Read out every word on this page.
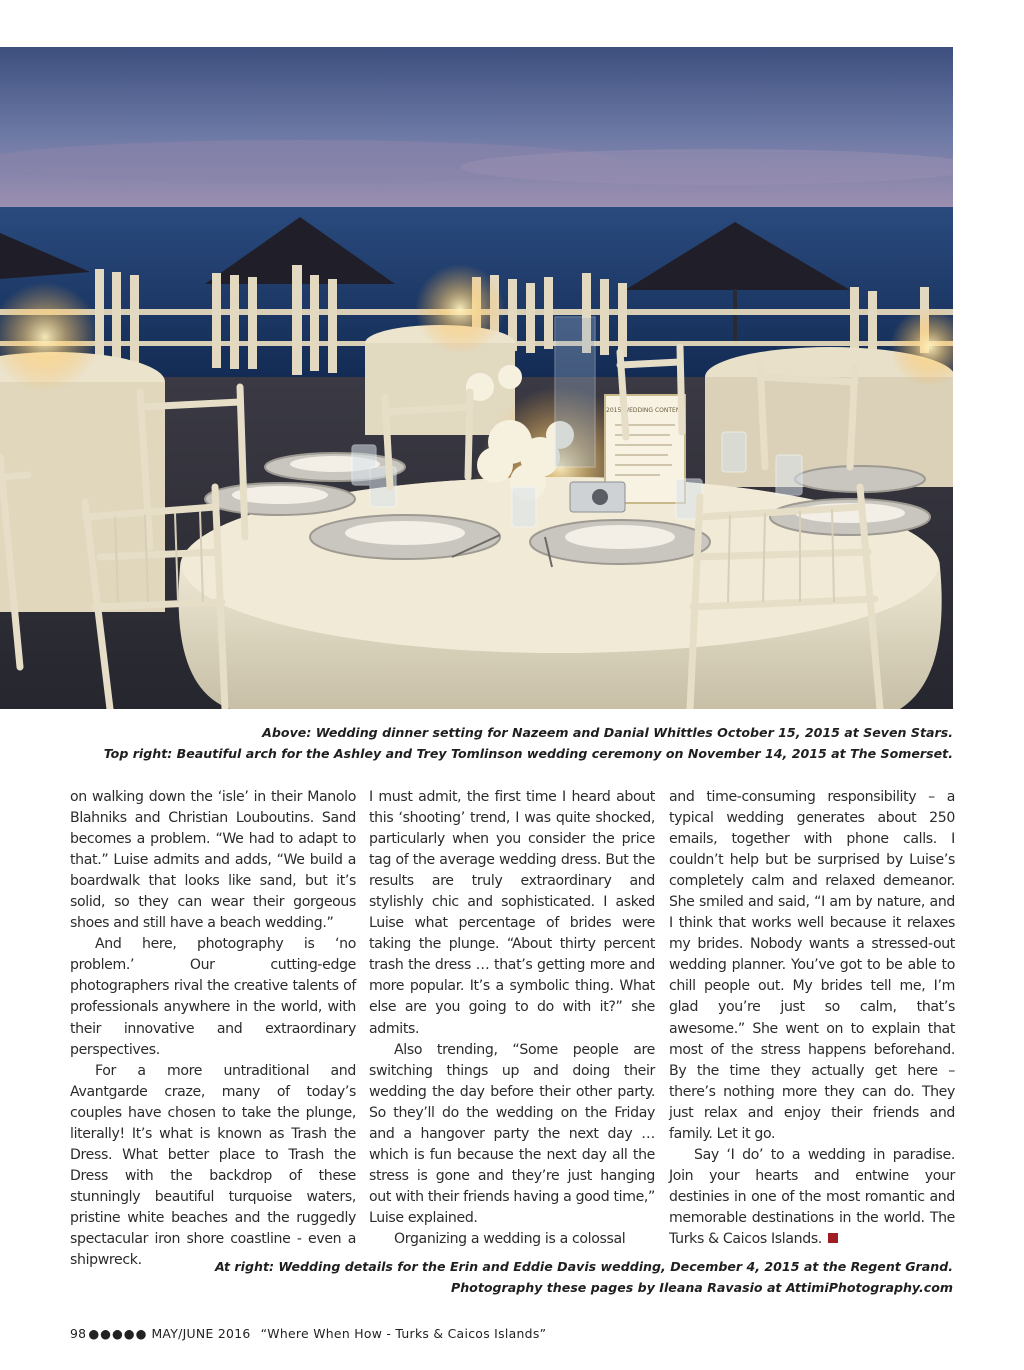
2015 WEDDING CONTENT
Above: Wedding dinner setting for Nazeem and Danial Whittles October 15, 2015 at Seven Stars.
Top right: Beautiful arch for the Ashley and Trey Tomlinson wedding ceremony on November 14, 2015 at The Somerset.

on walking down the ‘isle’ in their Manolo Blahniks and Christian Louboutins. Sand becomes a problem. “We had to adapt to that.” Luise admits and adds, “We build a boardwalk that looks like sand, but it’s solid, so they can wear their gorgeous shoes and still have a beach wedding.”

And here, photography is ‘no problem.’ Our cutting-edge photographers rival the creative talents of professionals anywhere in the world, with their innovative and extraordinary perspectives.

For a more untraditional and Avantgarde craze, many of today’s couples have chosen to take the plunge, literally! It’s what is known as Trash the Dress. What better place to Trash the Dress with the backdrop of these stunningly beautiful turquoise waters, pristine white beaches and the ruggedly spectacular iron shore coastline - even a shipwreck.

I must admit, the first time I heard about this ‘shooting’ trend, I was quite shocked, particularly when you consider the price tag of the average wedding dress. But the results are truly extraordinary and stylishly chic and sophisticated. I asked Luise what percentage of brides were taking the plunge. “About thirty percent trash the dress … that’s getting more and more popular. It’s a symbolic thing. What else are you going to do with it?” she admits.

Also trending, “Some people are switching things up and doing their wedding the day before their other party. So they’ll do the wedding on the Friday and a hangover party the next day … which is fun because the next day all the stress is gone and they’re just hanging out with their friends having a good time,” Luise explained.

Organizing a wedding is a colossal

and time-consuming responsibility – a typical wedding generates about 250 emails, together with phone calls. I couldn’t help but be surprised by Luise’s completely calm and relaxed demeanor. She smiled and said, “I am by nature, and I think that works well because it relaxes my brides. Nobody wants a stressed-out wedding planner. You’ve got to be able to chill people out. My brides tell me, I’m glad you’re just so calm, that’s awesome.” She went on to explain that most of the stress happens beforehand. By the time they actually get here – there’s nothing more they can do. They just relax and enjoy their friends and family. Let it go.

Say ‘I do’ to a wedding in paradise. Join your hearts and entwine your destinies in one of the most romantic and memorable destinations in the world. The Turks & Caicos Islands.

At right: Wedding details for the Erin and Eddie Davis wedding, December 4, 2015 at the Regent Grand.
Photography these pages by Ileana Ravasio at AttimiPhotography.com
98 ●●●●● MAY/JUNE 2016 “Where When How - Turks & Caicos Islands”
